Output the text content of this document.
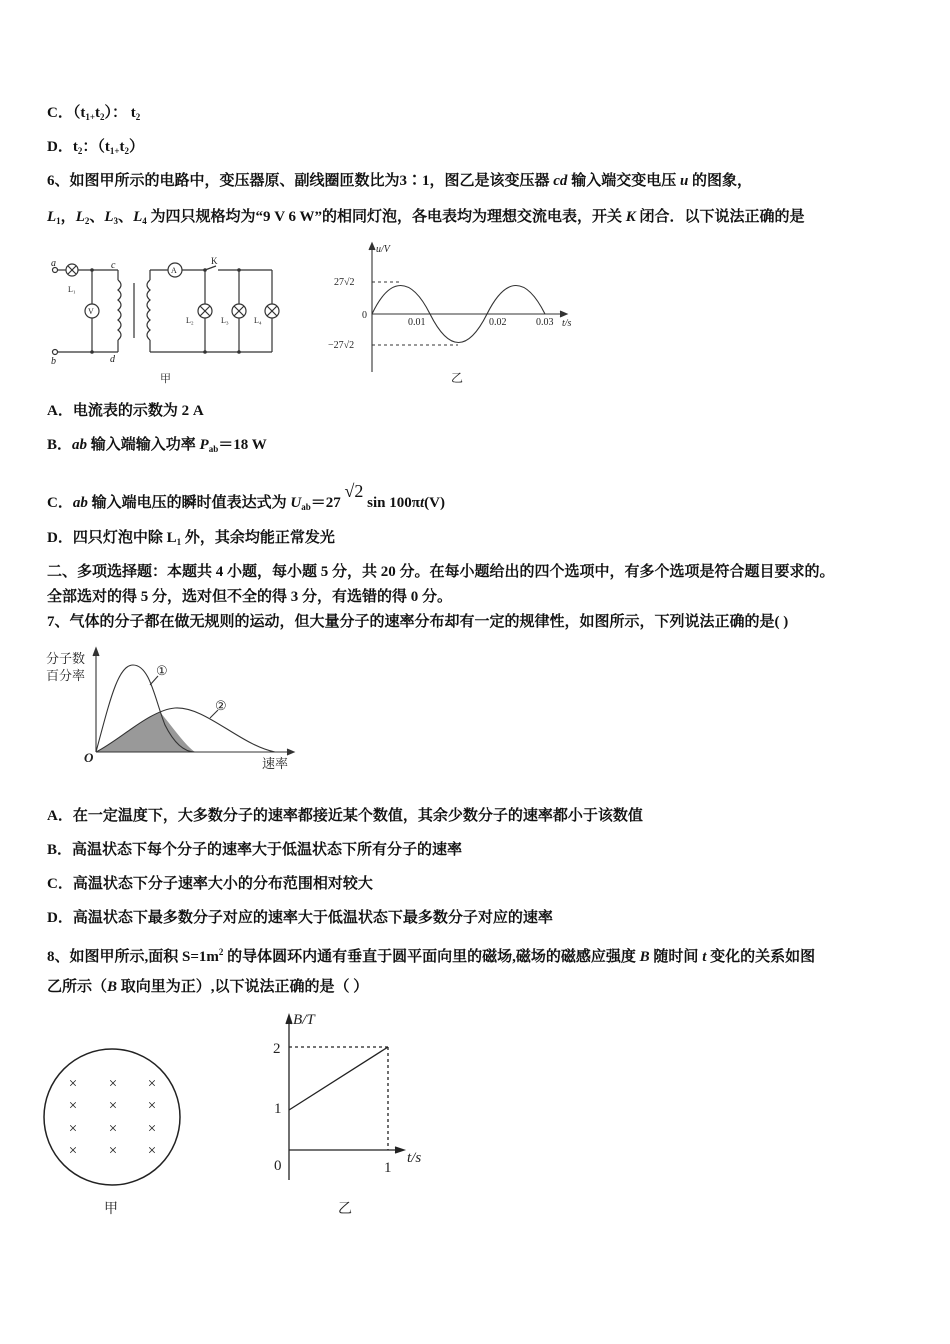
C．$(t_{1+}t_2)$： $t_2$
D．$t_2$：$(t_{1+}t_2)$
6、如图甲所示的电路中，变压器原、副线圈匝数比为3∶1，图乙是该变压器 cd 输入端交变电压 u 的图象，
$L_1$，$L_2$、$L_3$、$L_4$ 为四只规格均为“9 V 6 W”的相同灯泡，各电表均为理想交流电表，开关 K 闭合．以下说法正确的是
A．电流表的示数为 2 A
B．ab 输入端输入功率 $P_{ab}=18$ W
C．ab 输入端电压的瞬时值表达式为 $U_{ab}=27$ √2 sin 100πt(V)
D．四只灯泡中除 $L_1$ 外，其余均能正常发光
二、多项选择题：本题共 4 小题，每小题 5 分，共 20 分。在每小题给出的四个选项中，有多个选项是符合题目要求的。
全部选对的得 5 分，选对但不全的得 3 分，有选错的得 0 分。
7、气体的分子都在做无规则的运动，但大量分子的速率分布却有一定的规律性，如图所示，下列说法正确的是( )
A．在一定温度下，大多数分子的速率都接近某个数值，其余少数分子的速率都小于该数值
B．高温状态下每个分子的速率大于低温状态下所有分子的速率
C．高温状态下分子速率大小的分布范围相对较大
D．高温状态下最多数分子对应的速率大于低温状态下最多数分子对应的速率
8、如图甲所示,面积 $S=1m^2$ 的导体圆环内通有垂直于圆平面向里的磁场,磁场的磁感应强度 B 随时间 t 变化的关系如图
乙所示（B 取向里为正）,以下说法正确的是（ ）
a
b
c
d
L₁
V
A
K
L₂	L₃	L₄
甲
u/V
27√2
−27√2
0
0.01	0.02	0.03 t/s
乙
分子数
百分率
O	速率
①
②
×
×
×
×
×
×
×
×
×
×
×
×
甲
B/T
2
1
0	1
t/s
乙
